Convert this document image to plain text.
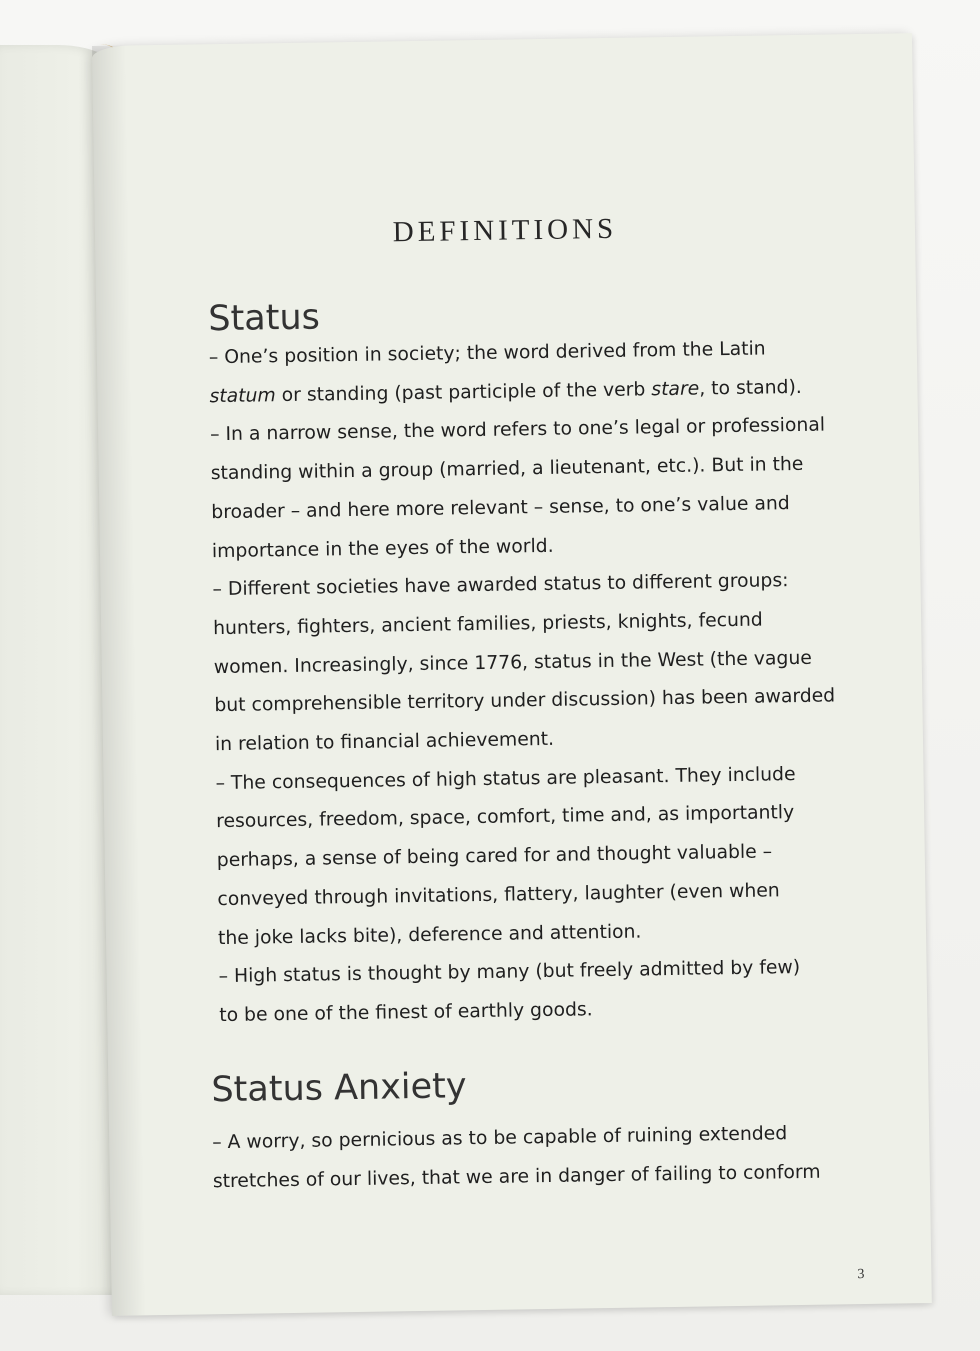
DEFINITIONS
Status
– One’s position in society; the word derived from the Latin
statum or standing (past participle of the verb stare, to stand).
– In a narrow sense, the word refers to one’s legal or professional
standing within a group (married, a lieutenant, etc.). But in the
broader – and here more relevant – sense, to one’s value and
importance in the eyes of the world.
– Different societies have awarded status to different groups:
hunters, fighters, ancient families, priests, knights, fecund
women. Increasingly, since 1776, status in the West (the vague
but comprehensible territory under discussion) has been awarded
in relation to financial achievement.
– The consequences of high status are pleasant. They include
resources, freedom, space, comfort, time and, as importantly
perhaps, a sense of being cared for and thought valuable –
conveyed through invitations, flattery, laughter (even when
the joke lacks bite), deference and attention.
– High status is thought by many (but freely admitted by few)
to be one of the finest of earthly goods.
Status Anxiety
– A worry, so pernicious as to be capable of ruining extended
stretches of our lives, that we are in danger of failing to conform
3
